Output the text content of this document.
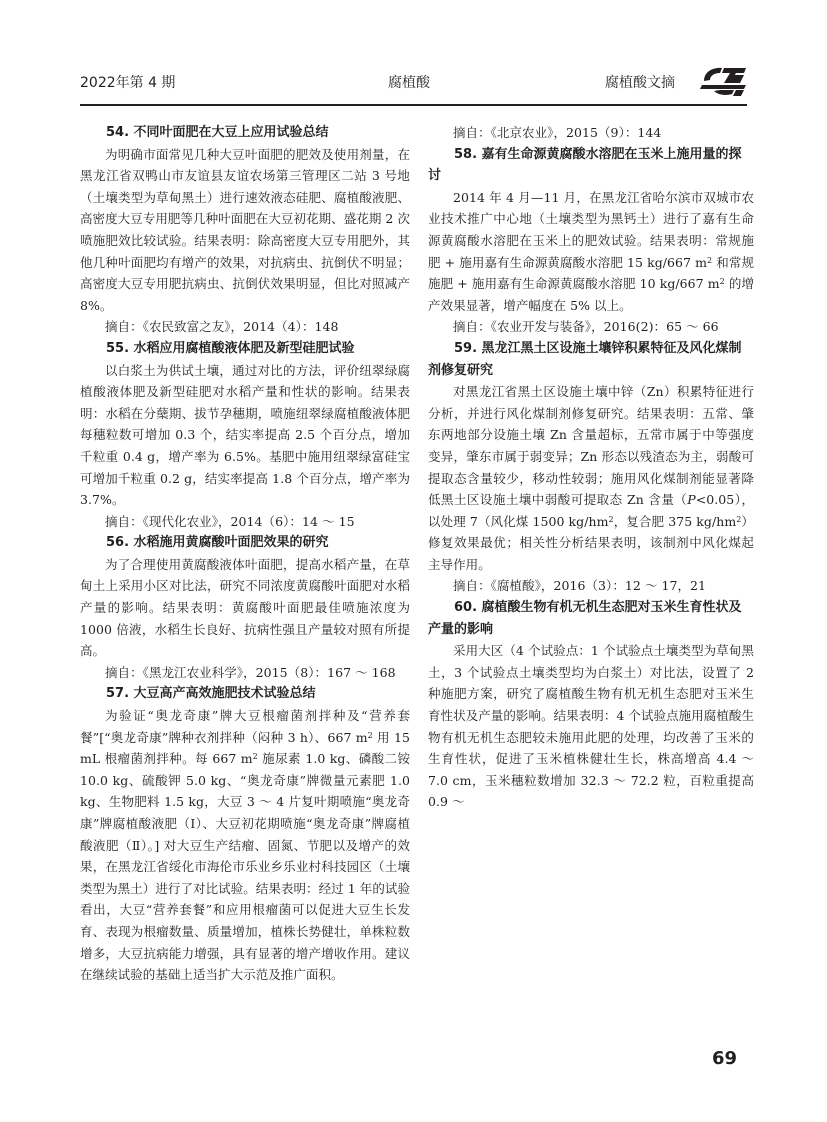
2022年第 4 期	腐植酸	腐植酸文摘
54. 不同叶面肥在大豆上应用试验总结

为明确市面常见几种大豆叶面肥的肥效及使用剂量，在黑龙江省双鸭山市友谊县友谊农场第三管理区二站 3 号地（土壤类型为草甸黑土）进行速效液态硅肥、腐植酸液肥、高密度大豆专用肥等几种叶面肥在大豆初花期、盛花期 2 次喷施肥效比较试验。结果表明：除高密度大豆专用肥外，其他几种叶面肥均有增产的效果，对抗病虫、抗倒伏不明显；高密度大豆专用肥抗病虫、抗倒伏效果明显，但比对照减产 8%。

摘自：《农民致富之友》，2014（4）：148

55. 水稻应用腐植酸液体肥及新型硅肥试验

以白浆土为供试土壤，通过对比的方法，评价纽翠绿腐植酸液体肥及新型硅肥对水稻产量和性状的影响。结果表明：水稻在分蘖期、拔节孕穗期，喷施纽翠绿腐植酸液体肥每穗粒数可增加 0.3 个，结实率提高 2.5 个百分点，增加千粒重 0.4 g，增产率为 6.5%。基肥中施用纽翠绿富硅宝可增加千粒重 0.2 g，结实率提高 1.8 个百分点，增产率为 3.7%。

摘自：《现代化农业》，2014（6）：14 ～ 15

56. 水稻施用黄腐酸叶面肥效果的研究

为了合理使用黄腐酸液体叶面肥，提高水稻产量，在草甸土上采用小区对比法，研究不同浓度黄腐酸叶面肥对水稻产量的影响。结果表明：黄腐酸叶面肥最佳喷施浓度为 1000 倍液，水稻生长良好、抗病性强且产量较对照有所提高。

摘自：《黑龙江农业科学》，2015（8）：167 ～ 168

57. 大豆高产高效施肥技术试验总结

为验证“奥龙奇康”牌大豆根瘤菌剂拌种及“营养套餐”[“奥龙奇康”牌种衣剂拌种（闷种 3 h）、667 $m^2$ 用 15 mL 根瘤菌剂拌种。每 667 $m^2$ 施尿素 1.0 kg、磷酸二铵 10.0 kg、硫酸钾 5.0 kg、“奥龙奇康”牌微量元素肥 1.0 kg、生物肥料 1.5 kg，大豆 3 ～ 4 片复叶期喷施“奥龙奇康”牌腐植酸液肥（Ⅰ）、大豆初花期喷施“奥龙奇康”牌腐植酸液肥（Ⅱ）。] 对大豆生产结瘤、固氮、节肥以及增产的效果，在黑龙江省绥化市海伦市乐业乡乐业村科技园区（土壤类型为黑土）进行了对比试验。结果表明：经过 1 年的试验看出，大豆“营养套餐”和应用根瘤菌可以促进大豆生长发育、表现为根瘤数量、质量增加，植株长势健壮，单株粒数增多，大豆抗病能力增强，具有显著的增产增收作用。建议在继续试验的基础上适当扩大示范及推广面积。

摘自：《北京农业》，2015（9）：144

58. 嘉有生命源黄腐酸水溶肥在玉米上施用量的探讨

2014 年 4 月—11 月，在黑龙江省哈尔滨市双城市农业技术推广中心地（土壤类型为黑钙土）进行了嘉有生命源黄腐酸水溶肥在玉米上的肥效试验。结果表明：常规施肥 + 施用嘉有生命源黄腐酸水溶肥 15 kg/667 $m^2$ 和常规施肥 + 施用嘉有生命源黄腐酸水溶肥 10 kg/667 $m^2$ 的增产效果显著，增产幅度在 5% 以上。

摘自：《农业开发与装备》，2016(2)：65 ～ 66

59. 黑龙江黑土区设施土壤锌积累特征及风化煤制剂修复研究

对黑龙江省黑土区设施土壤中锌（Zn）积累特征进行分析，并进行风化煤制剂修复研究。结果表明：五常、肇东两地部分设施土壤 Zn 含量超标，五常市属于中等强度变异，肇东市属于弱变异；Zn 形态以残渣态为主，弱酸可提取态含量较少，移动性较弱；施用风化煤制剂能显著降低黑土区设施土壤中弱酸可提取态 Zn 含量（P<0.05），以处理 7（风化煤 1500 $kg/hm^2$，复合肥 375 $kg/hm^2$）修复效果最优；相关性分析结果表明，该制剂中风化煤起主导作用。

摘自：《腐植酸》，2016（3）：12 ～ 17，21

60. 腐植酸生物有机无机生态肥对玉米生育性状及产量的影响

采用大区（4 个试验点：1 个试验点土壤类型为草甸黑土，3 个试验点土壤类型均为白浆土）对比法，设置了 2 种施肥方案，研究了腐植酸生物有机无机生态肥对玉米生育性状及产量的影响。结果表明：4 个试验点施用腐植酸生物有机无机生态肥较未施用此肥的处理，均改善了玉米的生育性状，促进了玉米植株健壮生长，株高增高 4.4 ～ 7.0 cm，玉米穗粒数增加 32.3 ～ 72.2 粒，百粒重提高 0.9 ～

69
